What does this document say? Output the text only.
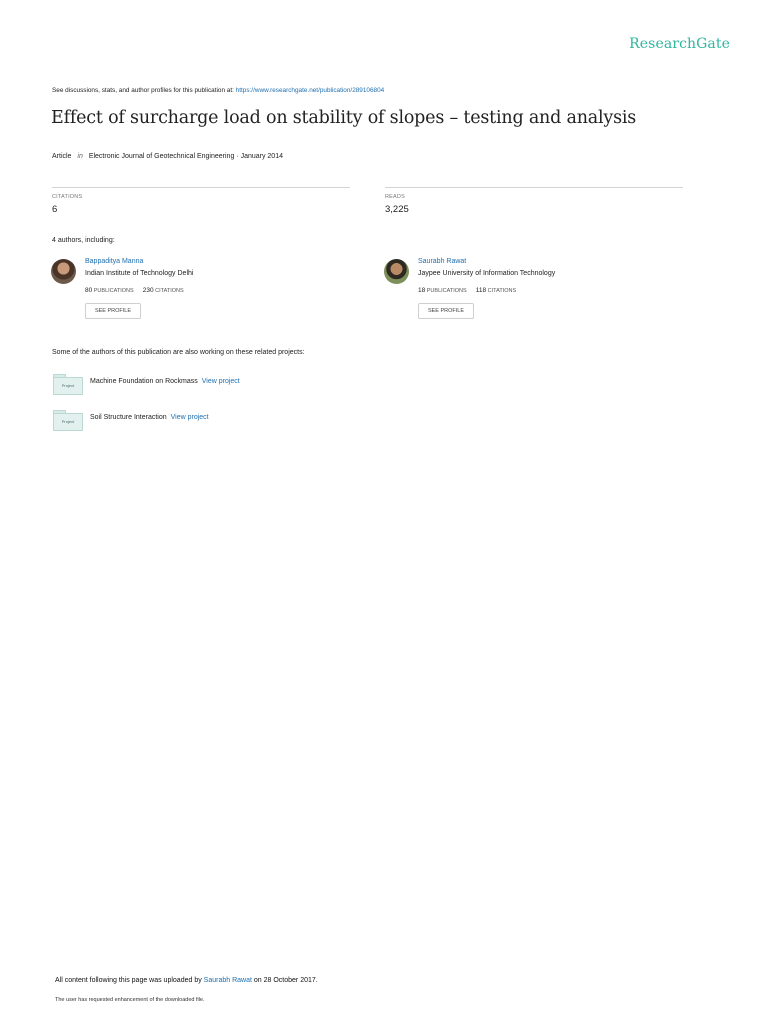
ResearchGate
See discussions, stats, and author profiles for this publication at: https://www.researchgate.net/publication/289106804
Effect of surcharge load on stability of slopes – testing and analysis
Article in Electronic Journal of Geotechnical Engineering · January 2014
CITATIONS
6
READS
3,225
4 authors, including:
Bappaditya Manna
Indian Institute of Technology Delhi
80 PUBLICATIONS 230 CITATIONS
SEE PROFILE
Saurabh Rawat
Jaypee University of Information Technology
18 PUBLICATIONS 118 CITATIONS
SEE PROFILE
Some of the authors of this publication are also working on these related projects:
Project
Machine Foundation on Rockmass View project
Project
Soil Structure Interaction View project
All content following this page was uploaded by Saurabh Rawat on 28 October 2017.
The user has requested enhancement of the downloaded file.
